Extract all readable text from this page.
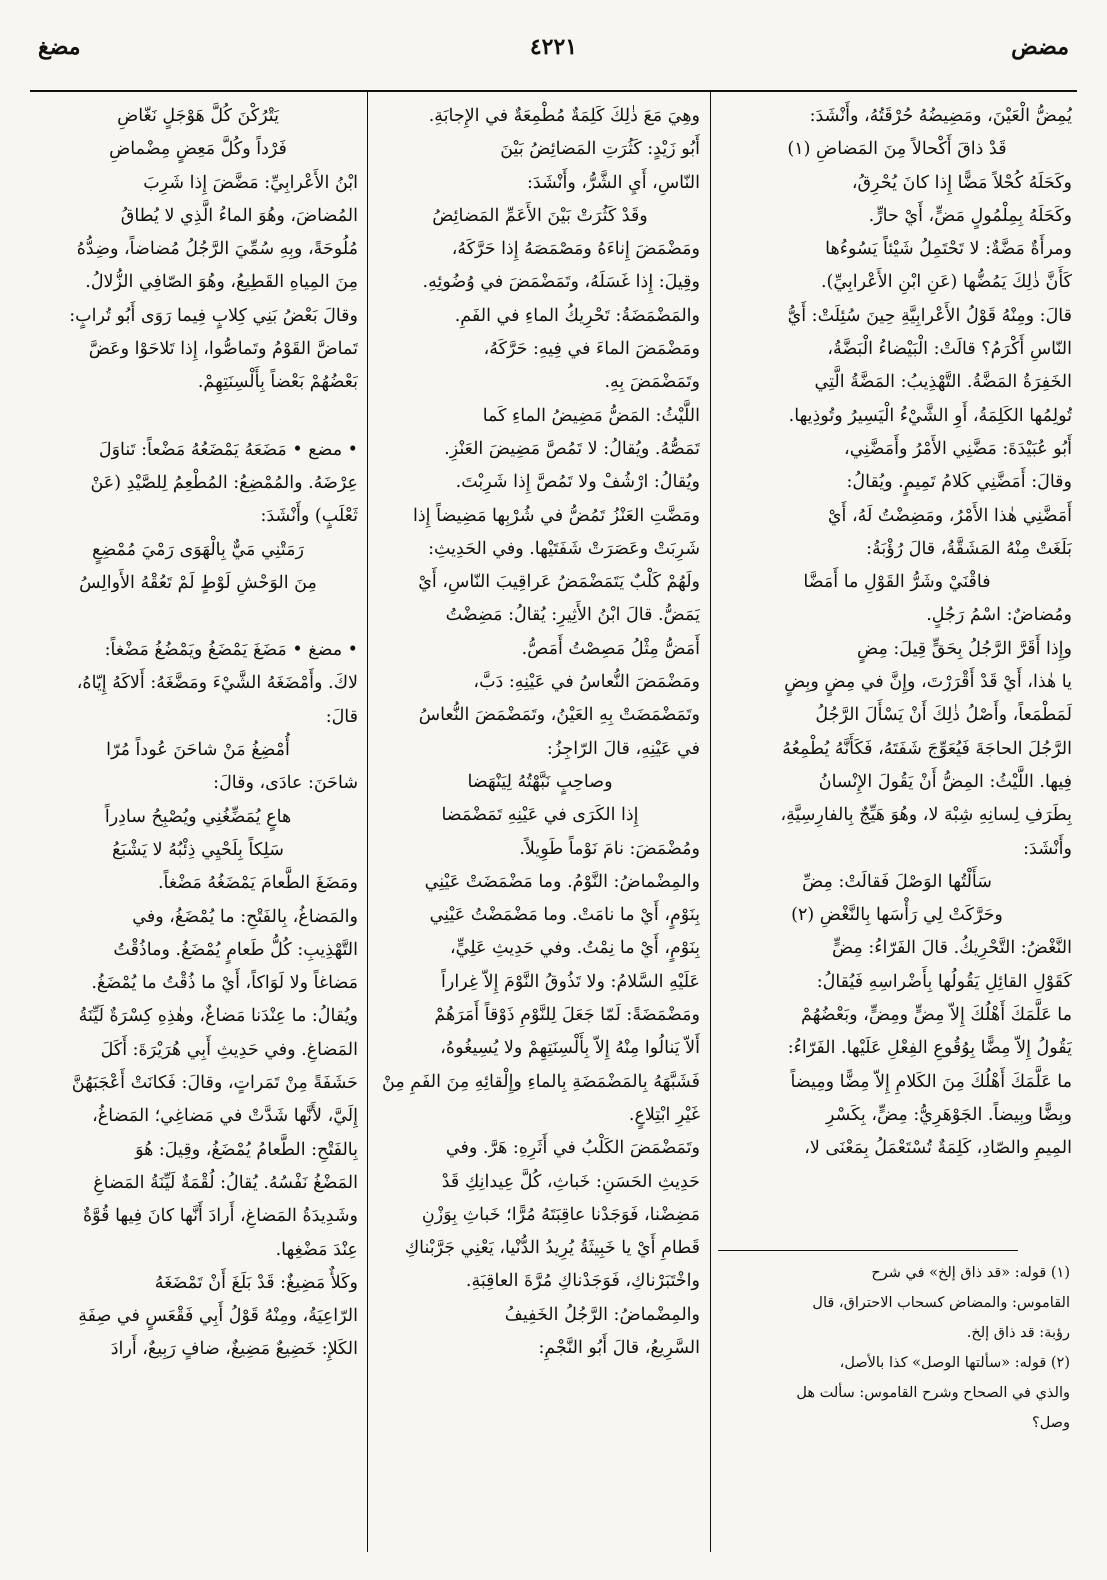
٤٢٢١	مضض
مضغ

يُمِضُّ الْعَيْنَ، ومَضِيضُهُ حُرْقَتُهُ، وأَنْشَدَ:

قَدْ ذاقَ أَكْحالاً مِنَ المَضاضِ (١)

وكَحَلَهُ كُحْلاً مَضًّا إِذا كانَ يُحْرِقُ،

وكَحَلَهُ بِمِلْمُولٍ مَضٍّ، أَيْ حارٍّ.

ومرأَةٌ مَضَّةٌ: لا تَحْتَمِلُ شَيْئاً يَسُوءُها

كَأَنَّ ذٰلِكَ يَمُضُّها (عَنِ ابْنِ الأَعْرابِيِّ).

قالَ: ومِنْهُ قَوْلُ الأَعْرابِيَّةِ حِينَ سُئِلَتْ: أَيُّ

النّاسِ أَكْرَمُ؟ قالَتْ: الْبَيْضاءُ الْبَضَّةُ،

الخَفِرَةُ المَضَّةُ. التَّهْذِيبُ: المَضَّةُ الَّتِي

تُولِمُها الكَلِمَةُ، أَوِ الشَّيْءُ الْيَسِيرُ وتُوذِيها.

أَبُو عُبَيْدَةَ: مَضَّنِي الأَمْرُ وأَمَضَّنِي،

وقالَ: أَمَضَّنِي كَلامُ تَمِيمٍ. ويُقالُ:

أَمَضَّنِي هٰذا الأَمْرُ، ومَضِضْتُ لَهُ، أَيْ

بَلَغَتْ مِنْهُ المَشَقَّةُ، قالَ رُؤْبَةُ:

فاقْنَيْ وشَرُّ القَوْلِ ما أَمَضَّا

ومُضاضٌ: اسْمُ رَجُلٍ.

وإِذا أَقَرَّ الرَّجُلُ بِحَقٍّ قِيلَ: مِضٍ

يا هٰذا، أَيْ قَدْ أَقْرَرْتَ، وإِنَّ في مِضٍ وبِضٍ

لَمَطْمَعاً، وأَصْلُ ذٰلِكَ أَنْ يَسْأَلَ الرَّجُلُ

الرَّجُلَ الحاجَةَ فَيُعَوِّجَ شَفَتَهُ، فَكَأَنَّهُ يُطْمِعُهُ

فِيها. اللَّيْثُ: المِضُّ أَنْ يَقُولَ الإِنْسانُ

بِطَرَفِ لِسانِهِ شِبْهَ لا، وهُوَ هَيِّجٌ بِالفارِسِيَّةِ،

وأَنْشَدَ:

سَأَلْتُها الوَصْلَ فَقالَتْ: مِضِّ

وحَرَّكَتْ لِي رَأْسَها بِالنَّغْضِ (٢)

النَّغْضُ: التَّحْرِيكُ. قالَ الفَرّاءُ: مِضٍّ

كَقَوْلِ القائِلِ يَقُولُها بِأَضْراسِهِ فَيُقالُ:

ما عَلَّمَكَ أَهْلُكَ إِلاّ مِضٍّ ومِضٍّ، وبَعْضُهُمْ

يَقُولُ إِلاّ مِضًّا بِوُقُوعِ الفِعْلِ عَلَيْها. الفَرّاءُ:

ما عَلَّمَكَ أَهْلُكَ مِنَ الكَلامِ إِلاّ مِضًّا ومِيضاً

وبِضًّا وبِيضاً. الجَوْهَرِيُّ: مِضٍّ، بِكَسْرِ

المِيمِ والصّادِ، كَلِمَةٌ تُسْتَعْمَلُ بِمَعْنَى لا،

وهِيَ مَعَ ذٰلِكَ كَلِمَةٌ مُطْمِعَةٌ في الإِجابَةِ.

أَبُو زَيْدٍ: كَثُرَتِ المَضائِضُ بَيْنَ

النّاسِ، أَيِ الشَّرُّ، وأَنْشَدَ:

وقَدْ كَثُرَتْ بَيْنَ الأَعَمِّ المَضائِضُ

ومَضْمَضَ إِناءَهُ ومَصْمَصَهُ إِذا حَرَّكَهُ،

وقِيلَ: إِذا غَسَلَهُ، وتَمَضْمَضَ في وُضُوئِهِ.

والمَضْمَضَةُ: تَحْرِيكُ الماءِ في الفَمِ.

ومَضْمَضَ الماءَ في فِيهِ: حَرَّكَهُ،

وتَمَضْمَضَ بِهِ.

اللَّيْثُ: المَضُّ مَضِيضُ الماءِ كَما

تَمَصُّهُ. ويُقالُ: لا تَمُصَّ مَضِيضَ العَنْزِ.

ويُقالُ: ارْشُفْ ولا تَمُصَّ إِذا شَرِبْتَ.

ومَضَّتِ العَنْزُ تَمُضُّ في شُرْبِها مَضِيضاً إِذا

شَرِبَتْ وعَصَرَتْ شَفَتَيْها. وفي الحَدِيثِ:

ولَهُمْ كَلْبٌ يَتَمَضْمَضُ عَراقِيبَ النّاسِ، أَيْ

يَمَضُّ. قالَ ابْنُ الأَثِيرِ: يُقالُ: مَضِضْتُ

أَمَضُّ مِثْلُ مَصِصْتُ أَمَصُّ.

ومَضْمَضَ النُّعاسُ في عَيْنِهِ: دَبَّ،

وتَمَضْمَضَتْ بِهِ العَيْنُ، وتَمَضْمَضَ النُّعاسُ

في عَيْنِهِ، قالَ الرّاجِزُ:

وصاحِبٍ نَبَّهْتُهُ لِيَنْهَضا

إِذا الكَرَى في عَيْنِهِ تَمَضْمَضا

ومُضْمَضَ: نامَ نَوْماً طَوِيلاً.

والمِضْماضُ: النَّوْمُ. وما مَضْمَضَتْ عَيْنِي

بِنَوْمٍ، أَيْ ما نامَتْ. وما مَضْمَضْتُ عَيْنِي

بِنَوْمٍ، أَيْ ما نِمْتُ. وفي حَدِيثِ عَلِيٍّ،

عَلَيْهِ السَّلامُ: ولا تَذُوقُ النَّوْمَ إِلاّ غِراراً

ومَضْمَضَةً: لَمّا جَعَلَ لِلنَّوْمِ ذَوْقاً أَمَرَهُمْ

أَلاّ يَنالُوا مِنْهُ إِلاّ بِأَلْسِنَتِهِمْ ولا يُسِيغُوهُ،

فَشَبَّهَهُ بِالمَضْمَضَةِ بِالماءِ وإِلْقائِهِ مِنَ الفَمِ مِنْ

غَيْرِ ابْتِلاعٍ.

وتَمَضْمَضَ الكَلْبُ في أَثَرِهِ: هَرَّ. وفي

حَدِيثِ الحَسَنِ: خَباثِ، كُلَّ عِيدانِكِ قَدْ

مَضِضْنا، فَوَجَدْنا عاقِبَتَهُ مُرًّا؛ خَباثِ بِوَزْنِ

قَطامِ أَيْ يا خَبِيثَةُ يُرِيدُ الدُّنْيا، يَعْنِي جَرَّبْناكِ

واخْتَبَرْناكِ، فَوَجَدْناكِ مُرَّةَ العاقِبَةِ.

والمِضْماضُ: الرَّجُلُ الخَفِيفُ

السَّرِيعُ، قالَ أَبُو النَّجْمِ:

يَتْرُكْنَ كُلَّ هَوْجَلٍ نَغّاضِ

فَرْداً وكُلَّ مَعِضٍ مِضْماضِ

ابْنُ الأَعْرابِيِّ: مَضَّضَ إِذا شَرِبَ

المُضاضَ، وهُوَ الماءُ الَّذِي لا يُطاقُ

مُلُوحَةً، وبِهِ سُمِّيَ الرَّجُلُ مُضاضاً، وضِدُّهُ

مِنَ المِياهِ القَطِيعُ، وهُوَ الصّافِي الزُّلالُ.

وقالَ بَعْضُ بَنِي كِلابٍ فِيما رَوَى أَبُو تُرابٍ:

تَماضَّ القَوْمُ وتَماصُّوا، إِذا تَلاحَوْا وعَضَّ

بَعْضُهُمْ بَعْضاً بِأَلْسِنَتِهِمْ.

• مضع • مَضَعَهُ يَمْضَعُهُ مَضْعاً: تَناوَلَ

عِرْضَهُ. والمُمْضِعُ: المُطْعِمُ لِلصَّيْدِ (عَنْ

ثَعْلَبٍ) وأَنْشَدَ:

رَمَتْنِي مَيٌّ بِالْهَوَى رَمْيَ مُمْضِعٍ

مِنَ الوَحْشِ لَوْطٍ لَمْ تَعُقْهُ الأَوالِسُ

• مضغ • مَضَغَ يَمْضَغُ ويَمْضُغُ مَضْغاً:

لاكَ. وأَمْضَغَهُ الشَّيْءَ ومَضَّغَهُ: أَلاكَهُ إِيّاهُ،

قالَ:

أُمْضِغُ مَنْ شاحَنَ عُوداً مُرّا

شاحَنَ: عادَى، وقالَ:

هاعٍ يُمَضِّغُنِي ويُصْبِحُ سادِراً

سَلِكاً بِلَحْيِي ذِئْبُهُ لا يَشْبَعُ

ومَضَغَ الطَّعامَ يَمْضَغُهُ مَضْغاً.

والمَضاغُ، بِالفَتْحِ: ما يُمْضَغُ، وفي

التَّهْذِيبِ: كُلُّ طَعامٍ يُمْضَغُ. وماذُقْتُ

مَضاغاً ولا لَوَاكاً، أَيْ ما ذُقْتُ ما يُمْضَغُ.

ويُقالُ: ما عِنْدَنا مَضاغٌ، وهٰذِهِ كِسْرَةٌ لَيِّنَةُ

المَضاغِ. وفي حَدِيثِ أَبِي هُرَيْرَةَ: أَكَلَ

حَشَفَةً مِنْ تَمَراتٍ، وقالَ: فَكانَتْ أَعْجَبَهُنَّ

إِلَيَّ، لأَنَّها شَدَّتْ في مَضاغِي؛ المَضاغُ،

بِالفَتْحِ: الطَّعامُ يُمْضَغُ، وقِيلَ: هُوَ

المَضْغُ نَفْسُهُ. يُقالُ: لُقْمَةٌ لَيِّنَةُ المَضاغِ

وشَدِيدَةُ المَضاغِ، أَرادَ أَنَّها كانَ فِيها قُوَّةٌ

عِنْدَ مَضْغِها.

وكَلأٌ مَضِيغٌ: قَدْ بَلَغَ أَنْ تَمْضَغَهُ

الرّاعِيَةُ، ومِنْهُ قَوْلُ أَبِي فَقْعَسٍ في صِفَةِ

الكَلإِ: خَضِيعٌ مَضِيغٌ، ضافٍ رَبِيعٌ، أَرادَ

(١) قوله: «قد ذاق إلخ» في شرح

القاموس: والمضاض كسحاب الاحتراق، قال

رؤبة: قد ذاق إلخ.

(٢) قوله: «سألتها الوصل» كذا بالأصل،

والذي في الصحاح وشرح القاموس: سألت هل

وصل؟
